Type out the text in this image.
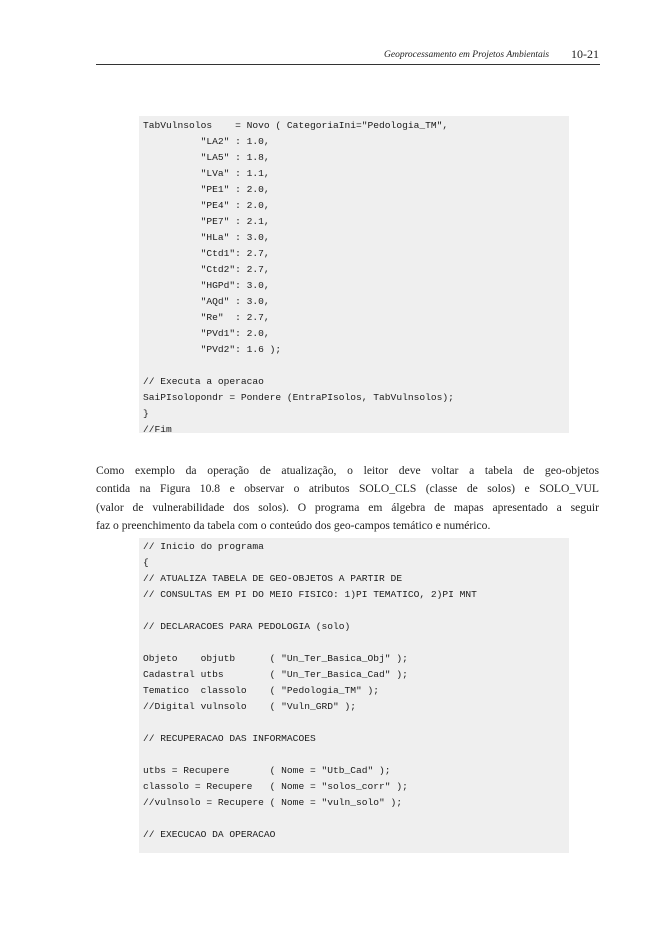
Geoprocessamento em Projetos Ambientais 10-21
TabVulnsolos    = Novo ( CategoriaIni="Pedologia_TM",
"LA2" : 1.0,
"LA5" : 1.8,
"LVa" : 1.1,
"PE1" : 2.0,
"PE4" : 2.0,
"PE7" : 2.1,
"HLa" : 3.0,
"Ctd1": 2.7,
"Ctd2": 2.7,
"HGPd": 3.0,
"AQd" : 3.0,
"Re"  : 2.7,
"PVd1": 2.0,
"PVd2": 1.6 );
// Executa a operacao
SaiPIsolopondr = Pondere (EntraPIsolos, TabVulnsolos);
}
//Fim
Como exemplo da operação de atualização, o leitor deve voltar a tabela de geo-objetos
contida na Figura 10.8 e observar o atributos SOLO_CLS (classe de solos) e SOLO_VUL
(valor de vulnerabilidade dos solos). O programa em álgebra de mapas apresentado a seguir
faz o preenchimento da tabela com o conteúdo dos geo-campos temático e numérico.
// Inicio do programa
{
// ATUALIZA TABELA DE GEO-OBJETOS A PARTIR DE
// CONSULTAS EM PI DO MEIO FISICO: 1)PI TEMATICO, 2)PI MNT
// DECLARACOES PARA PEDOLOGIA (solo)
Objeto    objutb      ( "Un_Ter_Basica_Obj" );
Cadastral utbs        ( "Un_Ter_Basica_Cad" );
Tematico  classolo    ( "Pedologia_TM" );
//Digital vulnsolo    ( "Vuln_GRD" );
// RECUPERACAO DAS INFORMACOES
utbs = Recupere       ( Nome = "Utb_Cad" );
classolo = Recupere   ( Nome = "solos_corr" );
//vulnsolo = Recupere ( Nome = "vuln_solo" );
// EXECUCAO DA OPERACAO
